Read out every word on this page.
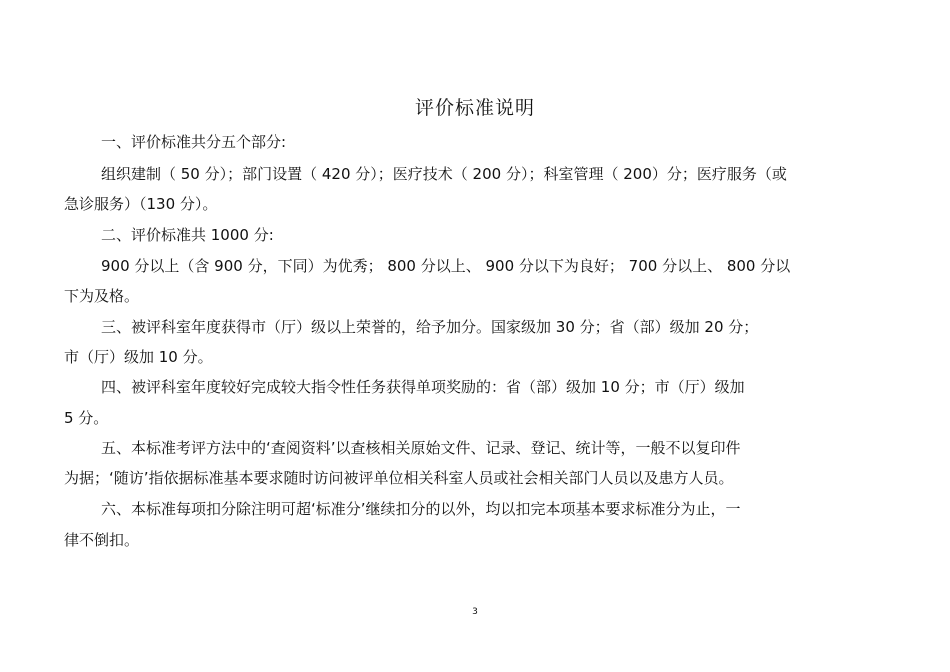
评价标准说明
一、评价标准共分五个部分:
组织建制（ 50 分）；部门设置（ 420 分）；医疗技术（ 200 分）；科室管理（ 200）分；医疗服务（或
急诊服务）（130 分）。
二、评价标准共 1000 分:
900 分以上（含 900 分，下同）为优秀； 800 分以上、 900 分以下为良好； 700 分以上、 800 分以
下为及格。
三、被评科室年度获得市（厅）级以上荣誉的，给予加分。国家级加 30 分；省（部）级加 20 分；
市（厅）级加 10 分。
四、被评科室年度较好完成较大指令性任务获得单项奖励的：省（部）级加 10 分；市（厅）级加
5 分。
五、本标准考评方法中的‘查阅资料’以查核相关原始文件、记录、登记、统计等，一般不以复印件
为据；‘随访’指依据标准基本要求随时访问被评单位相关科室人员或社会相关部门人员以及患方人员。
六、本标准每项扣分除注明可超‘标准分’继续扣分的以外，均以扣完本项基本要求标准分为止，一
律不倒扣。
3
